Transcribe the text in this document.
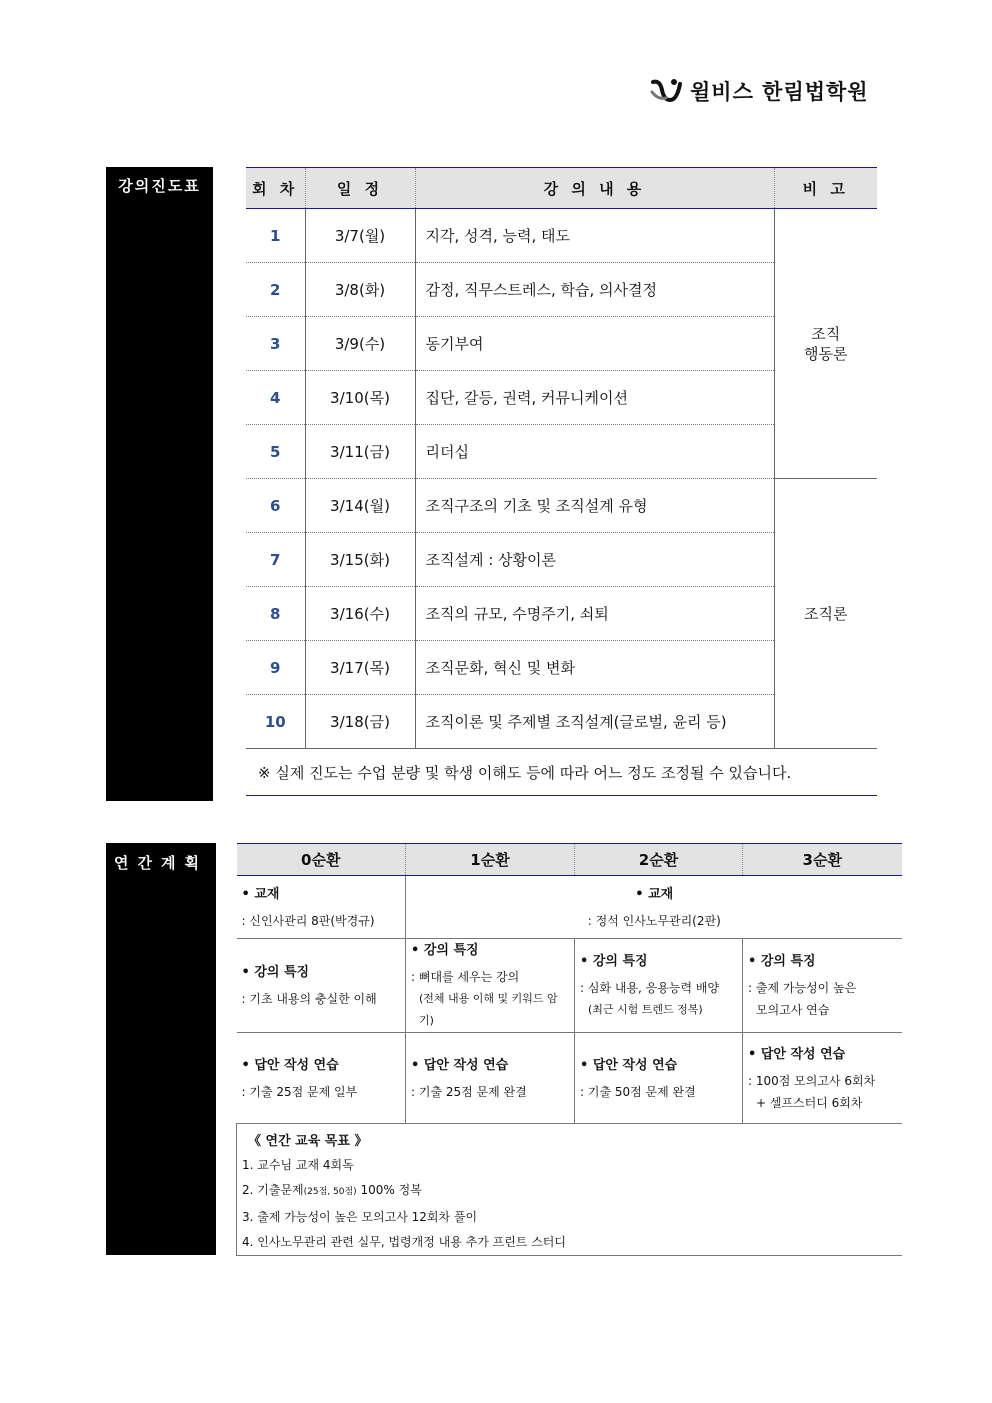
윌비스 한림법학원
강의진도표	회 차	일 정	강 의 내 용	비 고
1	3/7(월)	지각, 성격, 능력, 태도	조직
행동론
2	3/8(화)	감정, 직무스트레스, 학습, 의사결정	
3	3/9(수)	동기부여	
4	3/10(목)	집단, 갈등, 권력, 커뮤니케이션	
5	3/11(금)	리더십	
6	3/14(월)	조직구조의 기초 및 조직설계 유형	조직론
7	3/15(화)	조직설계 : 상황이론	
8	3/16(수)	조직의 규모, 수명주기, 쇠퇴	
9	3/17(목)	조직문화, 혁신 및 변화	
10	3/18(금)	조직이론 및 주제별 조직설계(글로벌, 윤리 등)	
※ 실제 진도는 수업 분량 및 학생 이해도 등에 따라 어느 정도 조정될 수 있습니다.			
연간계획	0순환	1순환	2순환	3순환

• 교재
: 신인사관리 8판(박경규)	• 교재
: 정석 인사노무관리(2판)		

• 강의 특징
: 기초 내용의 충실한 이해	• 강의 특징
: 뼈대를 세우는 강의
(전체 내용 이해 및 키워드 암기)	• 강의 특징
: 심화 내용, 응용능력 배양
(최근 시험 트렌드 정복)	• 강의 특징
: 출제 가능성이 높은
모의고사 연습

• 답안 작성 연습
: 기출 25점 문제 일부	• 답안 작성 연습
: 기출 25점 문제 완결	• 답안 작성 연습
: 기출 50점 문제 완결	• 답안 작성 연습
: 100점 모의고사 6회차
+ 셀프스터디 6회차

《 연간 교육 목표 》
1. 교수님 교재 4회독
2. 기출문제(25점, 50점) 100% 정복
3. 출제 가능성이 높은 모의고사 12회차 풀이
4. 인사노무관리 관련 실무, 법령개정 내용 추가 프린트 스터디			
